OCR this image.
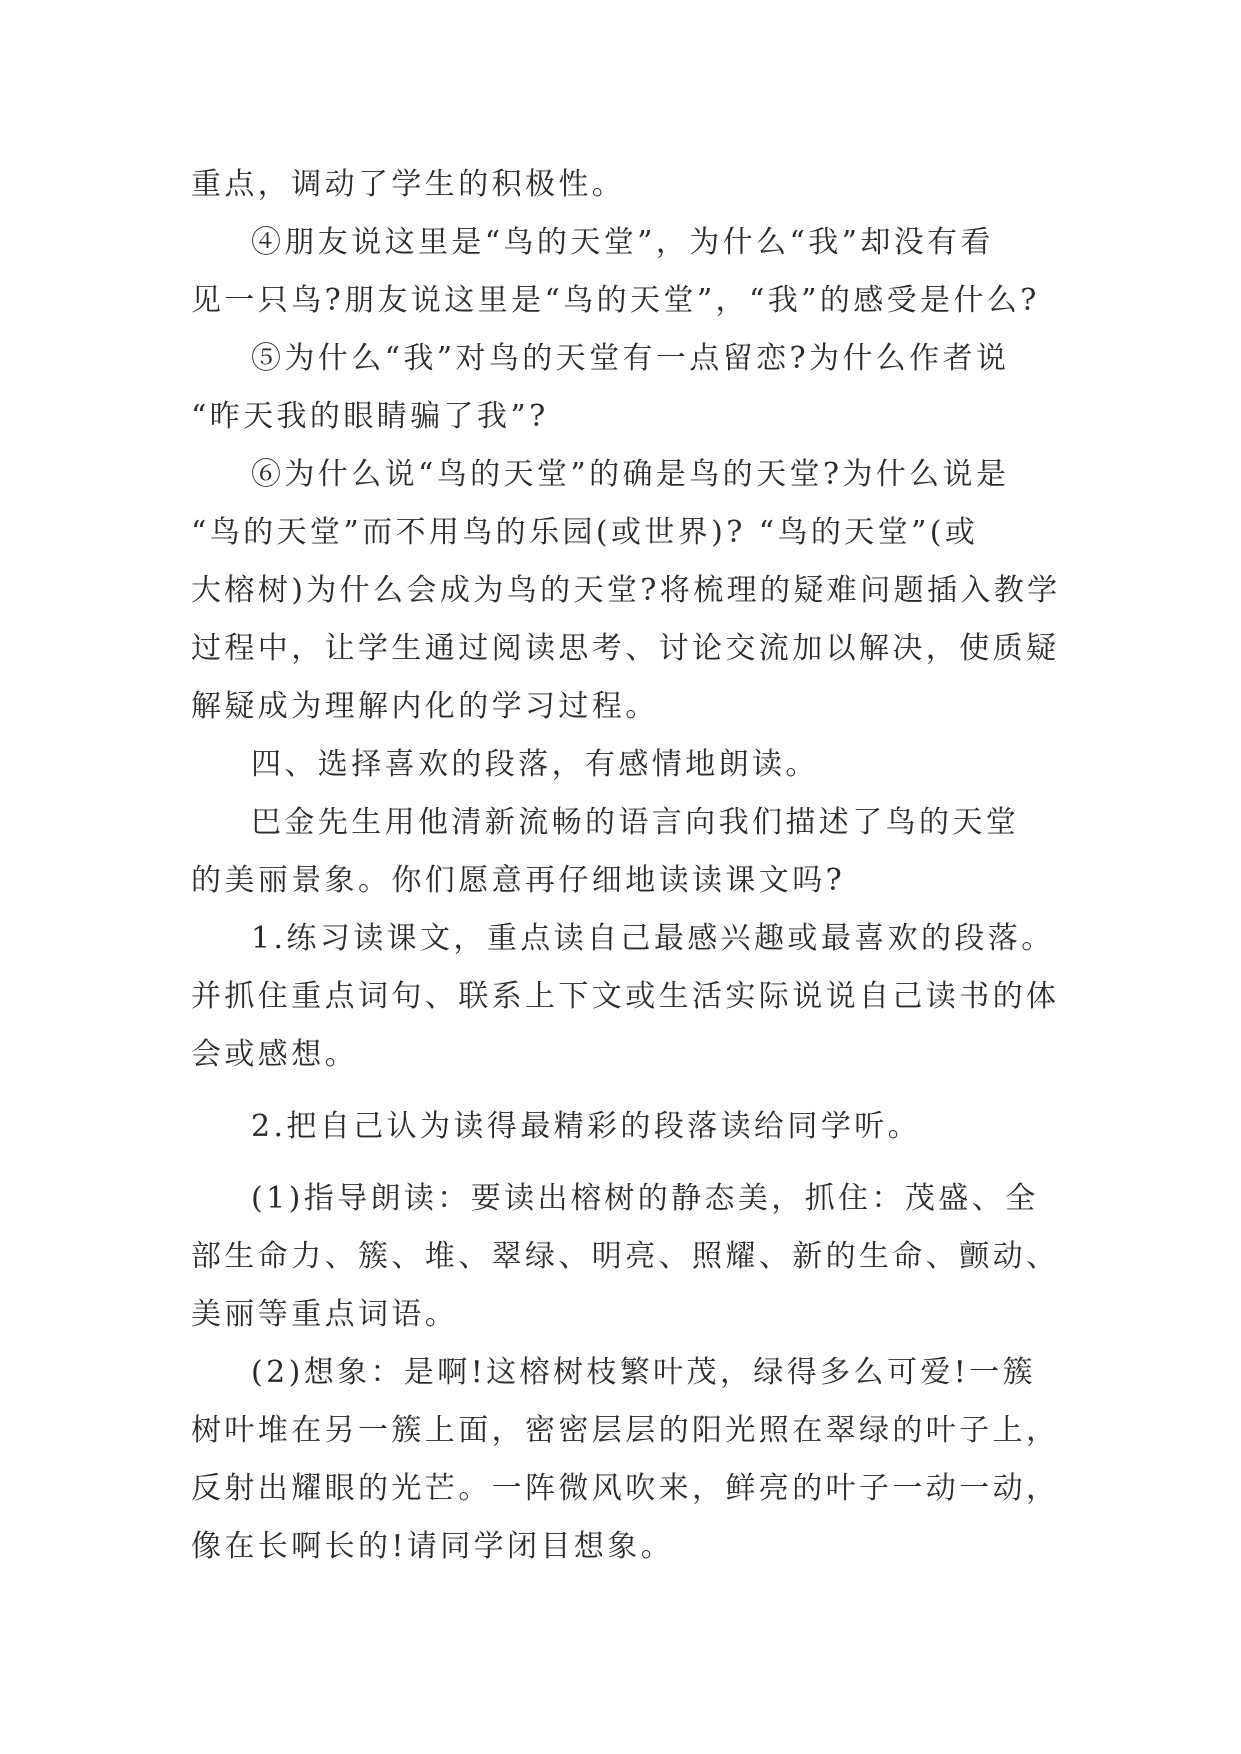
重点，调动了学生的积极性。
④朋友说这里是“鸟的天堂”，为什么“我”却没有看
见一只鸟?朋友说这里是“鸟的天堂”，“我”的感受是什么?
⑤为什么“我”对鸟的天堂有一点留恋?为什么作者说
“昨天我的眼睛骗了我”?
⑥为什么说“鸟的天堂”的确是鸟的天堂?为什么说是
“鸟的天堂”而不用鸟的乐园(或世界)? “鸟的天堂”(或
大榕树)为什么会成为鸟的天堂?将梳理的疑难问题插入教学
过程中，让学生通过阅读思考、讨论交流加以解决，使质疑
解疑成为理解内化的学习过程。
四、选择喜欢的段落，有感情地朗读。
巴金先生用他清新流畅的语言向我们描述了鸟的天堂
的美丽景象。你们愿意再仔细地读读课文吗?
1.练习读课文，重点读自己最感兴趣或最喜欢的段落。
并抓住重点词句、联系上下文或生活实际说说自己读书的体
会或感想。
2.把自己认为读得最精彩的段落读给同学听。
(1)指导朗读：要读出榕树的静态美，抓住：茂盛、全
部生命力、簇、堆、翠绿、明亮、照耀、新的生命、颤动、
美丽等重点词语。
(2)想象：是啊!这榕树枝繁叶茂，绿得多么可爱!一簇
树叶堆在另一簇上面，密密层层的阳光照在翠绿的叶子上，
反射出耀眼的光芒。一阵微风吹来，鲜亮的叶子一动一动，
像在长啊长的!请同学闭目想象。
